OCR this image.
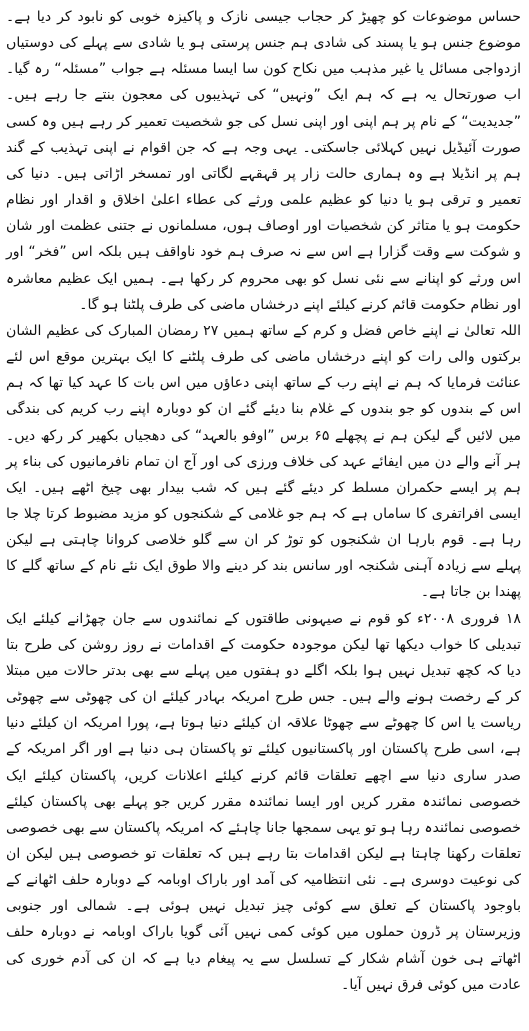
حساس موضوعات کو چھیڑ کر حجاب جیسی نازک و پاکیزہ خوبی کو نابود کر دیا ہے۔ موضوع جنس ہو یا پسند کی شادی ہم جنس پرستی ہو یا شادی سے پہلے کی دوستیاں ازدواجی مسائل یا غیر مذہب میں نکاح کون سا ایسا مسئلہ ہے جواب ”مسئلہ“ رہ گیا۔ اب صورتحال یہ ہے کہ ہم ایک ”ونہیں“ کی تہذیبوں کی معجون بنتے جا رہے ہیں۔ ”جدیدیت“ کے نام پر ہم اپنی اور اپنی نسل کی جو شخصیت تعمیر کر رہے ہیں وہ کسی صورت آئیڈیل نہیں کہلائی جاسکتی۔ یہی وجہ ہے کہ جن اقوام نے اپنی تہذیب کے گند ہم پر انڈیلا ہے وہ ہماری حالت زار پر قہقہے لگاتی اور تمسخر اڑاتی ہیں۔ دنیا کی تعمیر و ترقی ہو یا دنیا کو عظیم علمی ورثے کی عطاء اعلیٰ اخلاق و اقدار اور نظام حکومت ہو یا متاثر کن شخصیات اور اوصاف ہوں، مسلمانوں نے جتنی عظمت اور شان و شوکت سے وقت گزارا ہے اس سے نہ صرف ہم خود ناواقف ہیں بلکہ اس ”فخر“ اور اس ورثے کو اپنانے سے نئی نسل کو بھی محروم کر رکھا ہے۔ ہمیں ایک عظیم معاشرہ اور نظام حکومت قائم کرنے کیلئے اپنے درخشاں ماضی کی طرف پلٹنا ہو گا۔

اللہ تعالیٰ نے اپنے خاص فضل و کرم کے ساتھ ہمیں ۲۷ رمضان المبارک کی عظیم الشان برکتوں والی رات کو اپنے درخشاں ماضی کی طرف پلٹنے کا ایک بہترین موقع اس لئے عنائت فرمایا کہ ہم نے اپنے رب کے ساتھ اپنی دعاؤں میں اس بات کا عہد کیا تھا کہ ہم اس کے بندوں کو جو بندوں کے غلام بنا دیئے گئے ان کو دوبارہ اپنے رب کریم کی بندگی میں لائیں گے لیکن ہم نے پچھلے ۶۵ برس ”اوفو بالعہد“ کی دھجیاں بکھیر کر رکھ دیں۔ ہر آنے والے دن میں ایفائے عہد کی خلاف ورزی کی اور آج ان تمام نافرمانیوں کی بناء پر ہم پر ایسے حکمران مسلط کر دیئے گئے ہیں کہ شب بیدار بھی چیخ اٹھے ہیں۔ ایک ایسی افراتفری کا ساماں ہے کہ ہم جو غلامی کے شکنجوں کو مزید مضبوط کرتا چلا جا رہا ہے۔ قوم بارہا ان شکنجوں کو توڑ کر ان سے گلو خلاصی کروانا چاہتی ہے لیکن پہلے سے زیادہ آہنی شکنجہ اور سانس بند کر دینے والا طوق ایک نئے نام کے ساتھ گلے کا پھندا بن جاتا ہے۔

۱۸ فروری ۲۰۰۸ء کو قوم نے صیہونی طاقتوں کے نمائندوں سے جان چھڑانے کیلئے ایک تبدیلی کا خواب دیکھا تھا لیکن موجودہ حکومت کے اقدامات نے روز روشن کی طرح بتا دیا کہ کچھ تبدیل نہیں ہوا بلکہ اگلے دو ہفتوں میں پہلے سے بھی بدتر حالات میں مبتلا کر کے رخصت ہونے والے ہیں۔ جس طرح امریکہ بہادر کیلئے ان کی چھوٹی سے چھوٹی ریاست یا اس کا چھوٹے سے چھوٹا علاقہ ان کیلئے دنیا ہوتا ہے، پورا امریکہ ان کیلئے دنیا ہے، اسی طرح پاکستان اور پاکستانیوں کیلئے تو پاکستان ہی دنیا ہے اور اگر امریکہ کے صدر ساری دنیا سے اچھے تعلقات قائم کرنے کیلئے اعلانات کریں، پاکستان کیلئے ایک خصوصی نمائندہ مقرر کریں اور ایسا نمائندہ مقرر کریں جو پہلے بھی پاکستان کیلئے خصوصی نمائندہ رہا ہو تو یہی سمجھا جانا چاہئے کہ امریکہ پاکستان سے بھی خصوصی تعلقات رکھنا چاہتا ہے لیکن اقدامات بتا رہے ہیں کہ تعلقات تو خصوصی ہیں لیکن ان کی نوعیت دوسری ہے۔ نئی انتظامیہ کی آمد اور باراک اوبامہ کے دوبارہ حلف اٹھانے کے باوجود پاکستان کے تعلق سے کوئی چیز تبدیل نہیں ہوئی ہے۔ شمالی اور جنوبی وزیرستان پر ڈرون حملوں میں کوئی کمی نہیں آئی گویا باراک اوبامہ نے دوبارہ حلف اٹھاتے ہی خون آشام شکار کے تسلسل سے یہ پیغام دیا ہے کہ ان کی آدم خوری کی عادت میں کوئی فرق نہیں آیا۔
